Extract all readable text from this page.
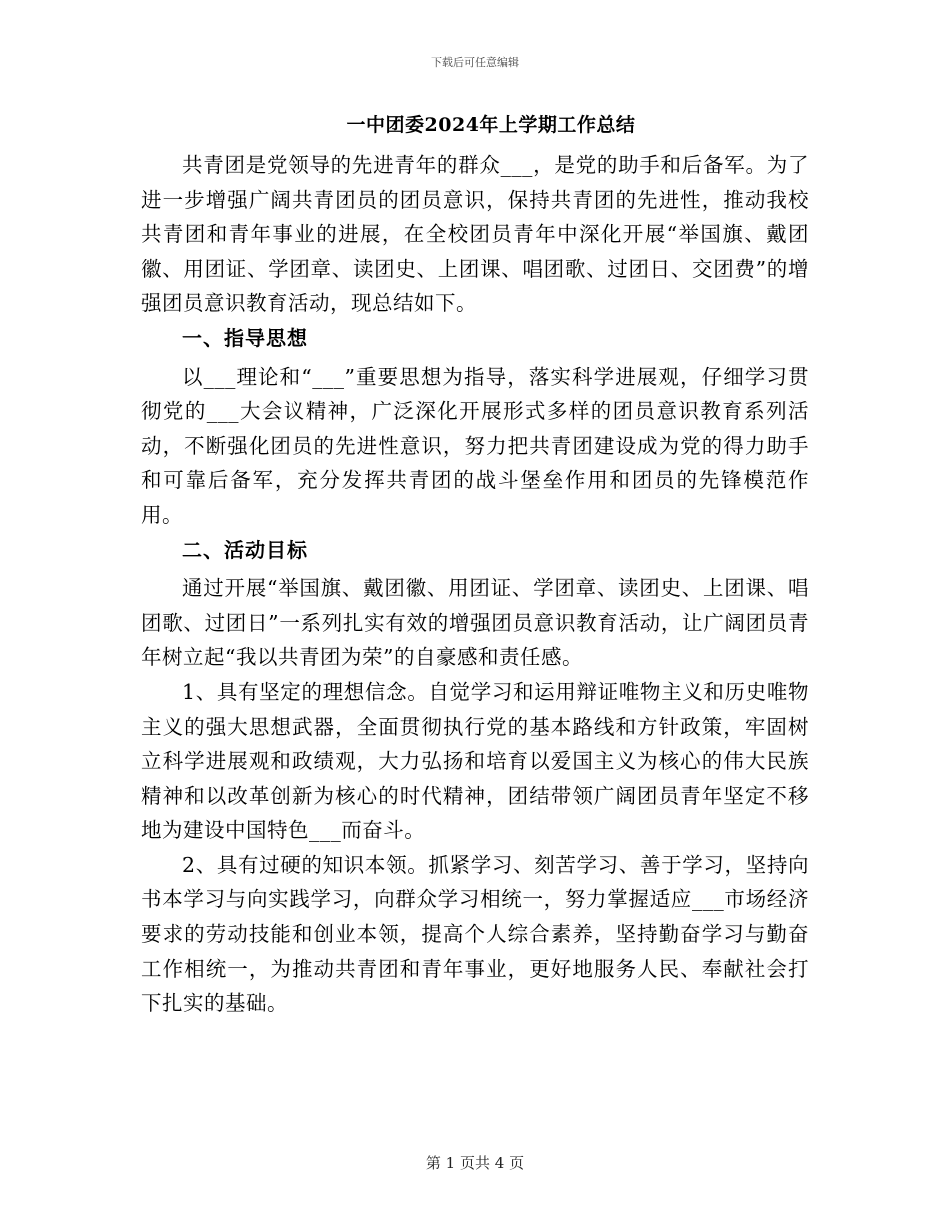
下载后可任意编辑
一中团委2024年上学期工作总结

共青团是党领导的先进青年的群众___，是党的助手和后备军。为了进一步增强广阔共青团员的团员意识，保持共青团的先进性，推动我校共青团和青年事业的进展，在全校团员青年中深化开展“举国旗、戴团徽、用团证、学团章、读团史、上团课、唱团歌、过团日、交团费”的增强团员意识教育活动，现总结如下。

一、指导思想

以___理论和“___”重要思想为指导，落实科学进展观，仔细学习贯彻党的___大会议精神，广泛深化开展形式多样的团员意识教育系列活动，不断强化团员的先进性意识，努力把共青团建设成为党的得力助手和可靠后备军，充分发挥共青团的战斗堡垒作用和团员的先锋模范作用。

二、活动目标

通过开展“举国旗、戴团徽、用团证、学团章、读团史、上团课、唱团歌、过团日”一系列扎实有效的增强团员意识教育活动，让广阔团员青年树立起“我以共青团为荣”的自豪感和责任感。

1、具有坚定的理想信念。自觉学习和运用辩证唯物主义和历史唯物主义的强大思想武器，全面贯彻执行党的基本路线和方针政策，牢固树立科学进展观和政绩观，大力弘扬和培育以爱国主义为核心的伟大民族精神和以改革创新为核心的时代精神，团结带领广阔团员青年坚定不移地为建设中国特色___而奋斗。

2、具有过硬的知识本领。抓紧学习、刻苦学习、善于学习，坚持向书本学习与向实践学习，向群众学习相统一，努力掌握适应___市场经济要求的劳动技能和创业本领，提高个人综合素养，坚持勤奋学习与勤奋工作相统一，为推动共青团和青年事业，更好地服务人民、奉献社会打下扎实的基础。

第 1 页共 4 页
